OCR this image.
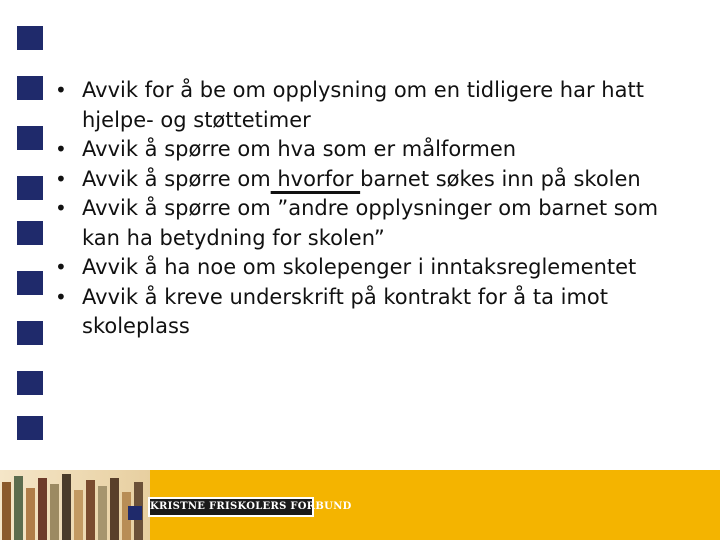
• Avvik for å be om opplysning om en tidligere har hatt hjelpe- og støttetimer
• Avvik å spørre om hva som er målformen
• Avvik å spørre om hvorfor barnet søkes inn på skolen
• Avvik å spørre om ”andre opplysninger om barnet som kan ha betydning for skolen”
• Avvik å ha noe om skolepenger i inntaksreglementet
• Avvik å kreve underskrift på kontrakt for å ta imot skoleplass
KRISTNE FRISKOLERS FORBUND
